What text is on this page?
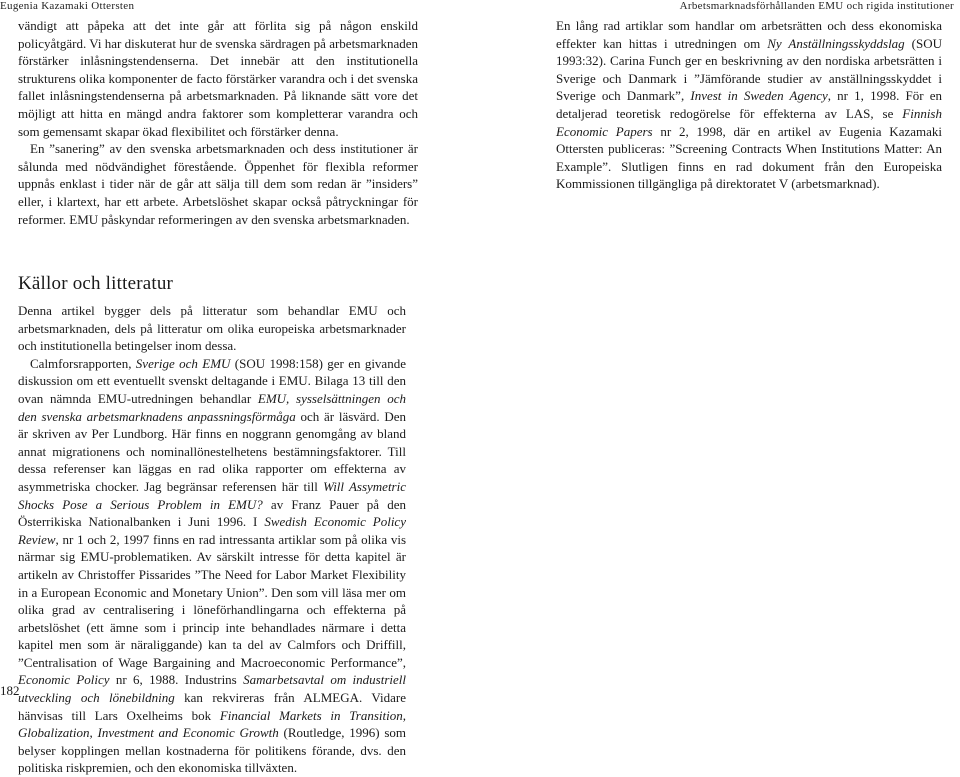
Eugenia Kazamaki Ottersten	Arbetsmarknadsförhållanden EMU och rigida institutioner

vändigt att påpeka att det inte går att förlita sig på någon enskild policyåtgärd. Vi har diskuterat hur de svenska särdragen på arbetsmarknaden förstärker inlåsningstendenserna. Det innebär att den institutionella strukturens olika komponenter de facto förstärker varandra och i det svenska fallet inlåsningstendenserna på arbetsmarknaden. På liknande sätt vore det möjligt att hitta en mängd andra faktorer som kompletterar varandra och som gemensamt skapar ökad flexibilitet och förstärker denna.

En ”sanering” av den svenska arbetsmarknaden och dess institutioner är sålunda med nödvändighet förestående. Öppenhet för flexibla reformer uppnås enklast i tider när de går att sälja till dem som redan är ”insiders” eller, i klartext, har ett arbete. Arbetslöshet skapar också påtryckningar för reformer. EMU påskyndar reformeringen av den svenska arbetsmarknaden.

En lång rad artiklar som handlar om arbetsrätten och dess ekonomiska effekter kan hittas i utredningen om Ny Anställningsskyddslag (SOU 1993:32). Carina Funch ger en beskrivning av den nordiska arbetsrätten i Sverige och Danmark i ”Jämförande studier av anställningsskyddet i Sverige och Danmark”, Invest in Sweden Agency, nr 1, 1998. För en detaljerad teoretisk redogörelse för effekterna av LAS, se Finnish Economic Papers nr 2, 1998, där en artikel av Eugenia Kazamaki Ottersten publiceras: ”Screening Contracts When Institutions Matter: An Example”. Slutligen finns en rad dokument från den Europeiska Kommissionen tillgängliga på direktoratet V (arbetsmarknad).

Källor och litteratur

Denna artikel bygger dels på litteratur som behandlar EMU och arbetsmarknaden, dels på litteratur om olika europeiska arbetsmarknader och institutionella betingelser inom dessa.

Calmforsrapporten, Sverige och EMU (SOU 1998:158) ger en givande diskussion om ett eventuellt svenskt deltagande i EMU. Bilaga 13 till den ovan nämnda EMU-utredningen behandlar EMU, sysselsättningen och den svenska arbetsmarknadens anpassningsförmåga och är läsvärd. Den är skriven av Per Lundborg. Här finns en noggrann genomgång av bland annat migrationens och nominallönestelhetens bestämningsfaktorer. Till dessa referenser kan läggas en rad olika rapporter om effekterna av asymmetriska chocker. Jag begränsar referensen här till Will Assymetric Shocks Pose a Serious Problem in EMU? av Franz Pauer på den Österrikiska Nationalbanken i Juni 1996. I Swedish Economic Policy Review, nr 1 och 2, 1997 finns en rad intressanta artiklar som på olika vis närmar sig EMU-problematiken. Av särskilt intresse för detta kapitel är artikeln av Christoffer Pissarides ”The Need for Labor Market Flexibility in a European Economic and Monetary Union”. Den som vill läsa mer om olika grad av centralisering i löneförhandlingarna och effekterna på arbetslöshet (ett ämne som i princip inte behandlades närmare i detta kapitel men som är näraliggande) kan ta del av Calmfors och Driffill, ”Centralisation of Wage Bargaining and Macroeconomic Performance”, Economic Policy nr 6, 1988. Industrins Samarbetsavtal om industriell utveckling och lönebildning kan rekvireras från ALMEGA. Vidare hänvisas till Lars Oxelheims bok Financial Markets in Transition, Globalization, Investment and Economic Growth (Routledge, 1996) som belyser kopplingen mellan kostnaderna för politikens förande, dvs. den politiska riskpremien, och den ekonomiska tillväxten.

182
